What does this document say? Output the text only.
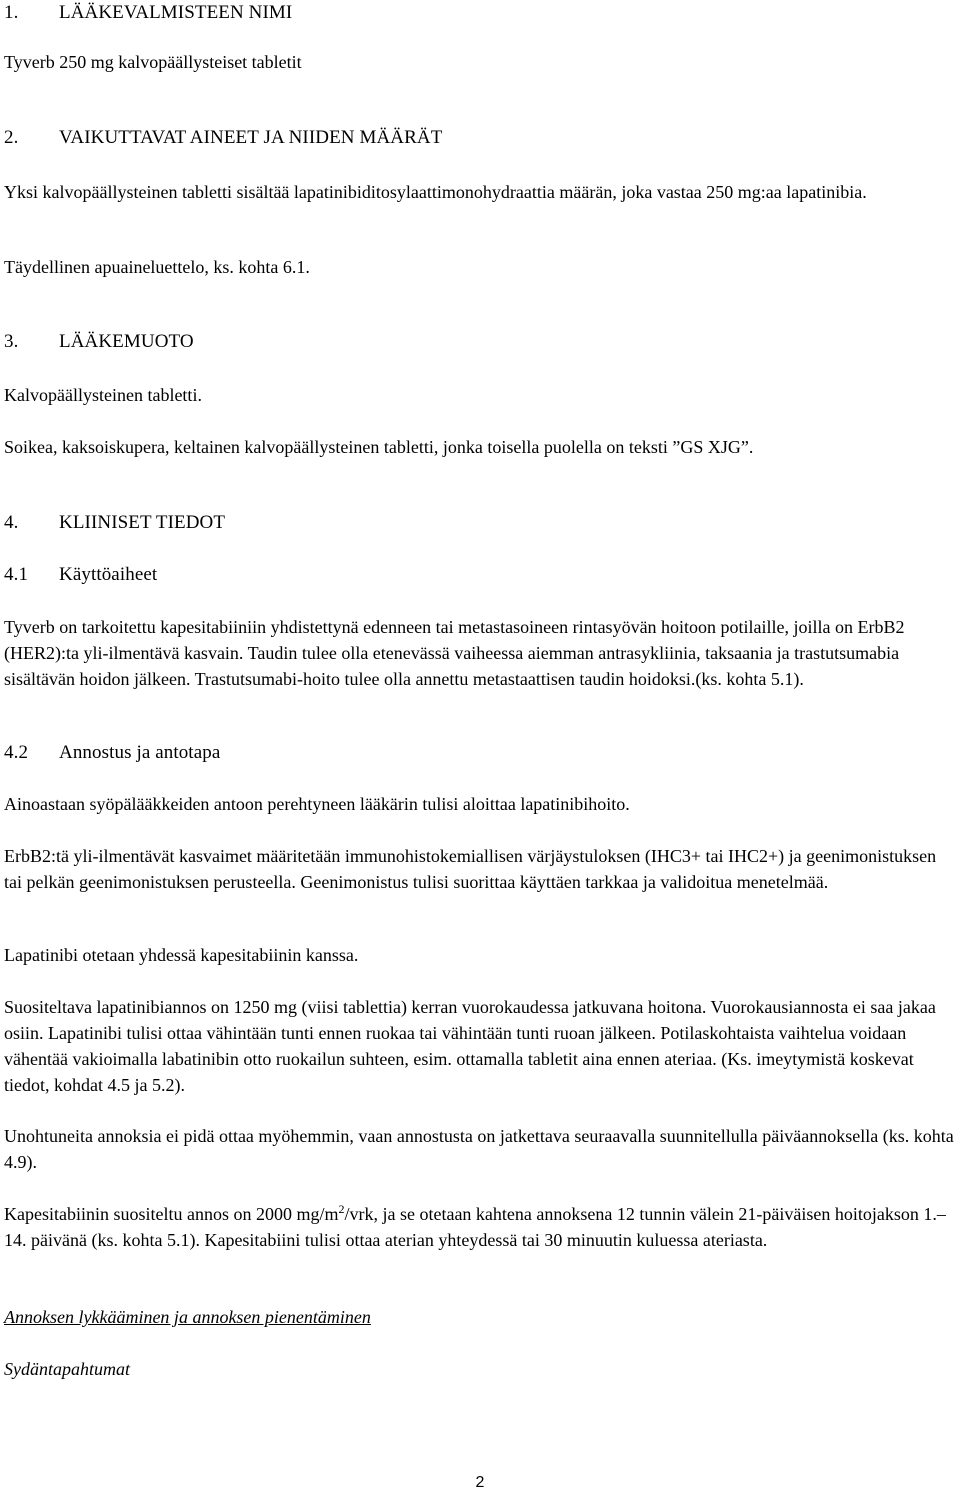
1. LÄÄKEVALMISTEEN NIMI

Tyverb 250 mg kalvopäällysteiset tabletit

2. VAIKUTTAVAT AINEET JA NIIDEN MÄÄRÄT

Yksi kalvopäällysteinen tabletti sisältää lapatinibiditosylaattimonohydraattia määrän, joka vastaa 250 mg:aa lapatinibia.

Täydellinen apuaineluettelo, ks. kohta 6.1.

3. LÄÄKEMUOTO

Kalvopäällysteinen tabletti.

Soikea, kaksoiskupera, keltainen kalvopäällysteinen tabletti, jonka toisella puolella on teksti ”GS XJG”.

4. KLIINISET TIEDOT
4.1 Käyttöaiheet

Tyverb on tarkoitettu kapesitabiiniin yhdistettynä edenneen tai metastasoineen rintasyövän hoitoon potilaille, joilla on ErbB2 (HER2):ta yli-ilmentävä kasvain. Taudin tulee olla etenevässä vaiheessa aiemman antrasykliinia, taksaania ja trastutsumabia sisältävän hoidon jälkeen. Trastutsumabi-hoito tulee olla annettu metastaattisen taudin hoidoksi.(ks. kohta 5.1).

4.2 Annostus ja antotapa

Ainoastaan syöpälääkkeiden antoon perehtyneen lääkärin tulisi aloittaa lapatinibihoito.

ErbB2:tä yli-ilmentävät kasvaimet määritetään immunohistokemiallisen värjäystuloksen (IHC3+ tai IHC2+) ja geenimonistuksen tai pelkän geenimonistuksen perusteella. Geenimonistus tulisi suorittaa käyttäen tarkkaa ja validoitua menetelmää.

Lapatinibi otetaan yhdessä kapesitabiinin kanssa.

Suositeltava lapatinibiannos on 1250 mg (viisi tablettia) kerran vuorokaudessa jatkuvana hoitona. Vuorokausiannosta ei saa jakaa osiin. Lapatinibi tulisi ottaa vähintään tunti ennen ruokaa tai vähintään tunti ruoan jälkeen. Potilaskohtaista vaihtelua voidaan vähentää vakioimalla labatinibin otto ruokailun suhteen, esim. ottamalla tabletit aina ennen ateriaa. (Ks. imeytymistä koskevat tiedot, kohdat 4.5 ja 5.2).

Unohtuneita annoksia ei pidä ottaa myöhemmin, vaan annostusta on jatkettava seuraavalla suunnitellulla päiväannoksella (ks. kohta 4.9).

Kapesitabiinin suositeltu annos on 2000 $mg/m^2$/vrk, ja se otetaan kahtena annoksena 12 tunnin välein 21-päiväisen hoitojakson 1.–14. päivänä (ks. kohta 5.1). Kapesitabiini tulisi ottaa aterian yhteydessä tai 30 minuutin kuluessa ateriasta.

Annoksen lykkääminen ja annoksen pienentäminen

Sydäntapahtumat

2
